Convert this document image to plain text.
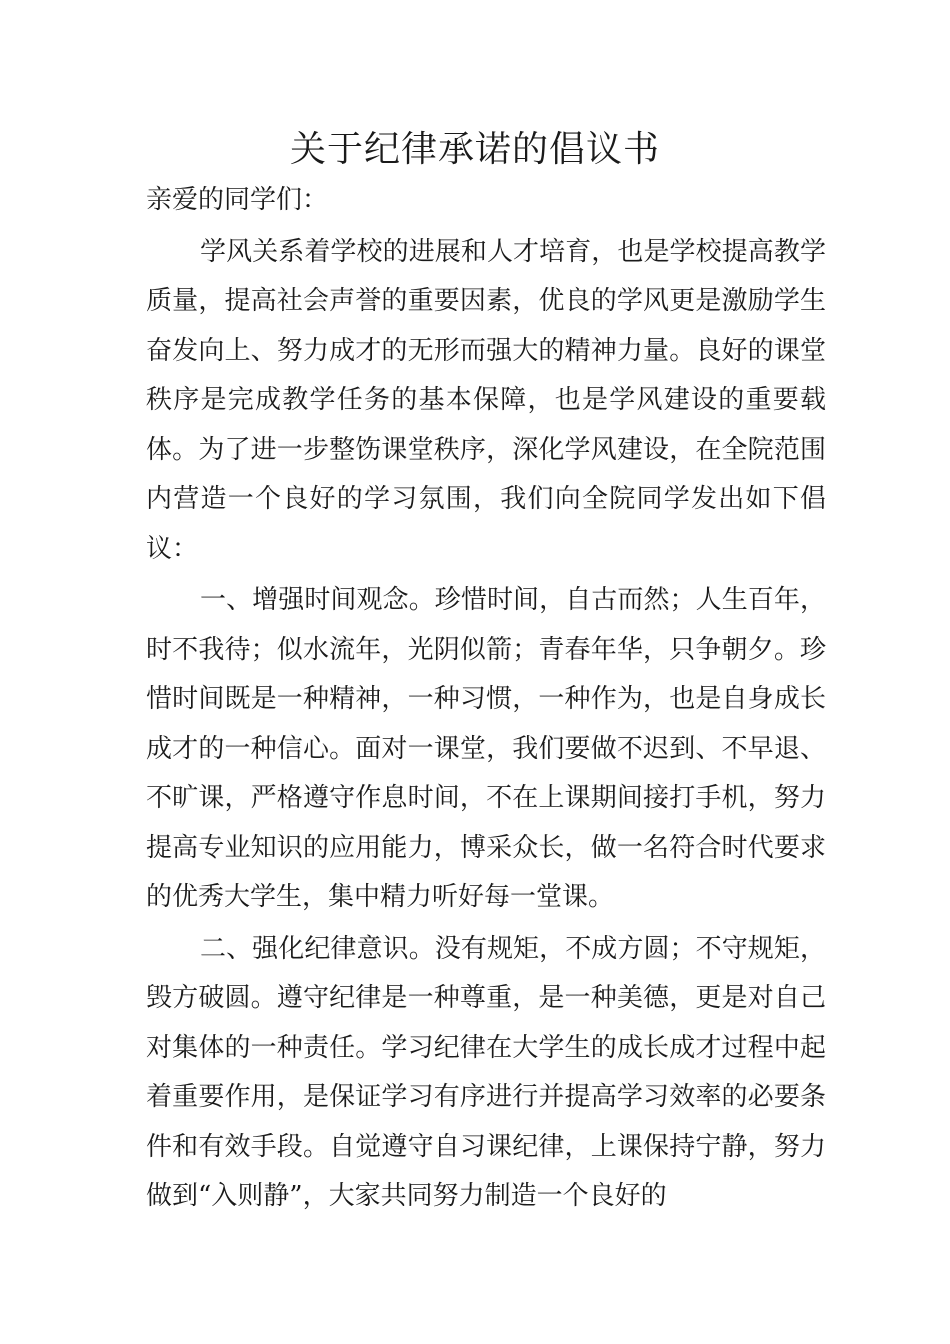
关于纪律承诺的倡议书

亲爱的同学们：

学风关系着学校的进展和人才培育，也是学校提高教学质量，提高社会声誉的重要因素，优良的学风更是激励学生奋发向上、努力成才的无形而强大的精神力量。良好的课堂秩序是完成教学任务的基本保障，也是学风建设的重要载体。为了进一步整饬课堂秩序，深化学风建设，在全院范围内营造一个良好的学习氛围，我们向全院同学发出如下倡议：

一、增强时间观念。珍惜时间，自古而然；人生百年，时不我待；似水流年，光阴似箭；青春年华，只争朝夕。珍惜时间既是一种精神，一种习惯，一种作为，也是自身成长成才的一种信心。面对一课堂，我们要做不迟到、不早退、不旷课，严格遵守作息时间，不在上课期间接打手机，努力提高专业知识的应用能力，博采众长，做一名符合时代要求的优秀大学生，集中精力听好每一堂课。

二、强化纪律意识。没有规矩，不成方圆；不守规矩，毁方破圆。遵守纪律是一种尊重，是一种美德，更是对自己对集体的一种责任。学习纪律在大学生的成长成才过程中起着重要作用，是保证学习有序进行并提高学习效率的必要条件和有效手段。自觉遵守自习课纪律，上课保持宁静，努力做到“入则静”，大家共同努力制造一个良好的
